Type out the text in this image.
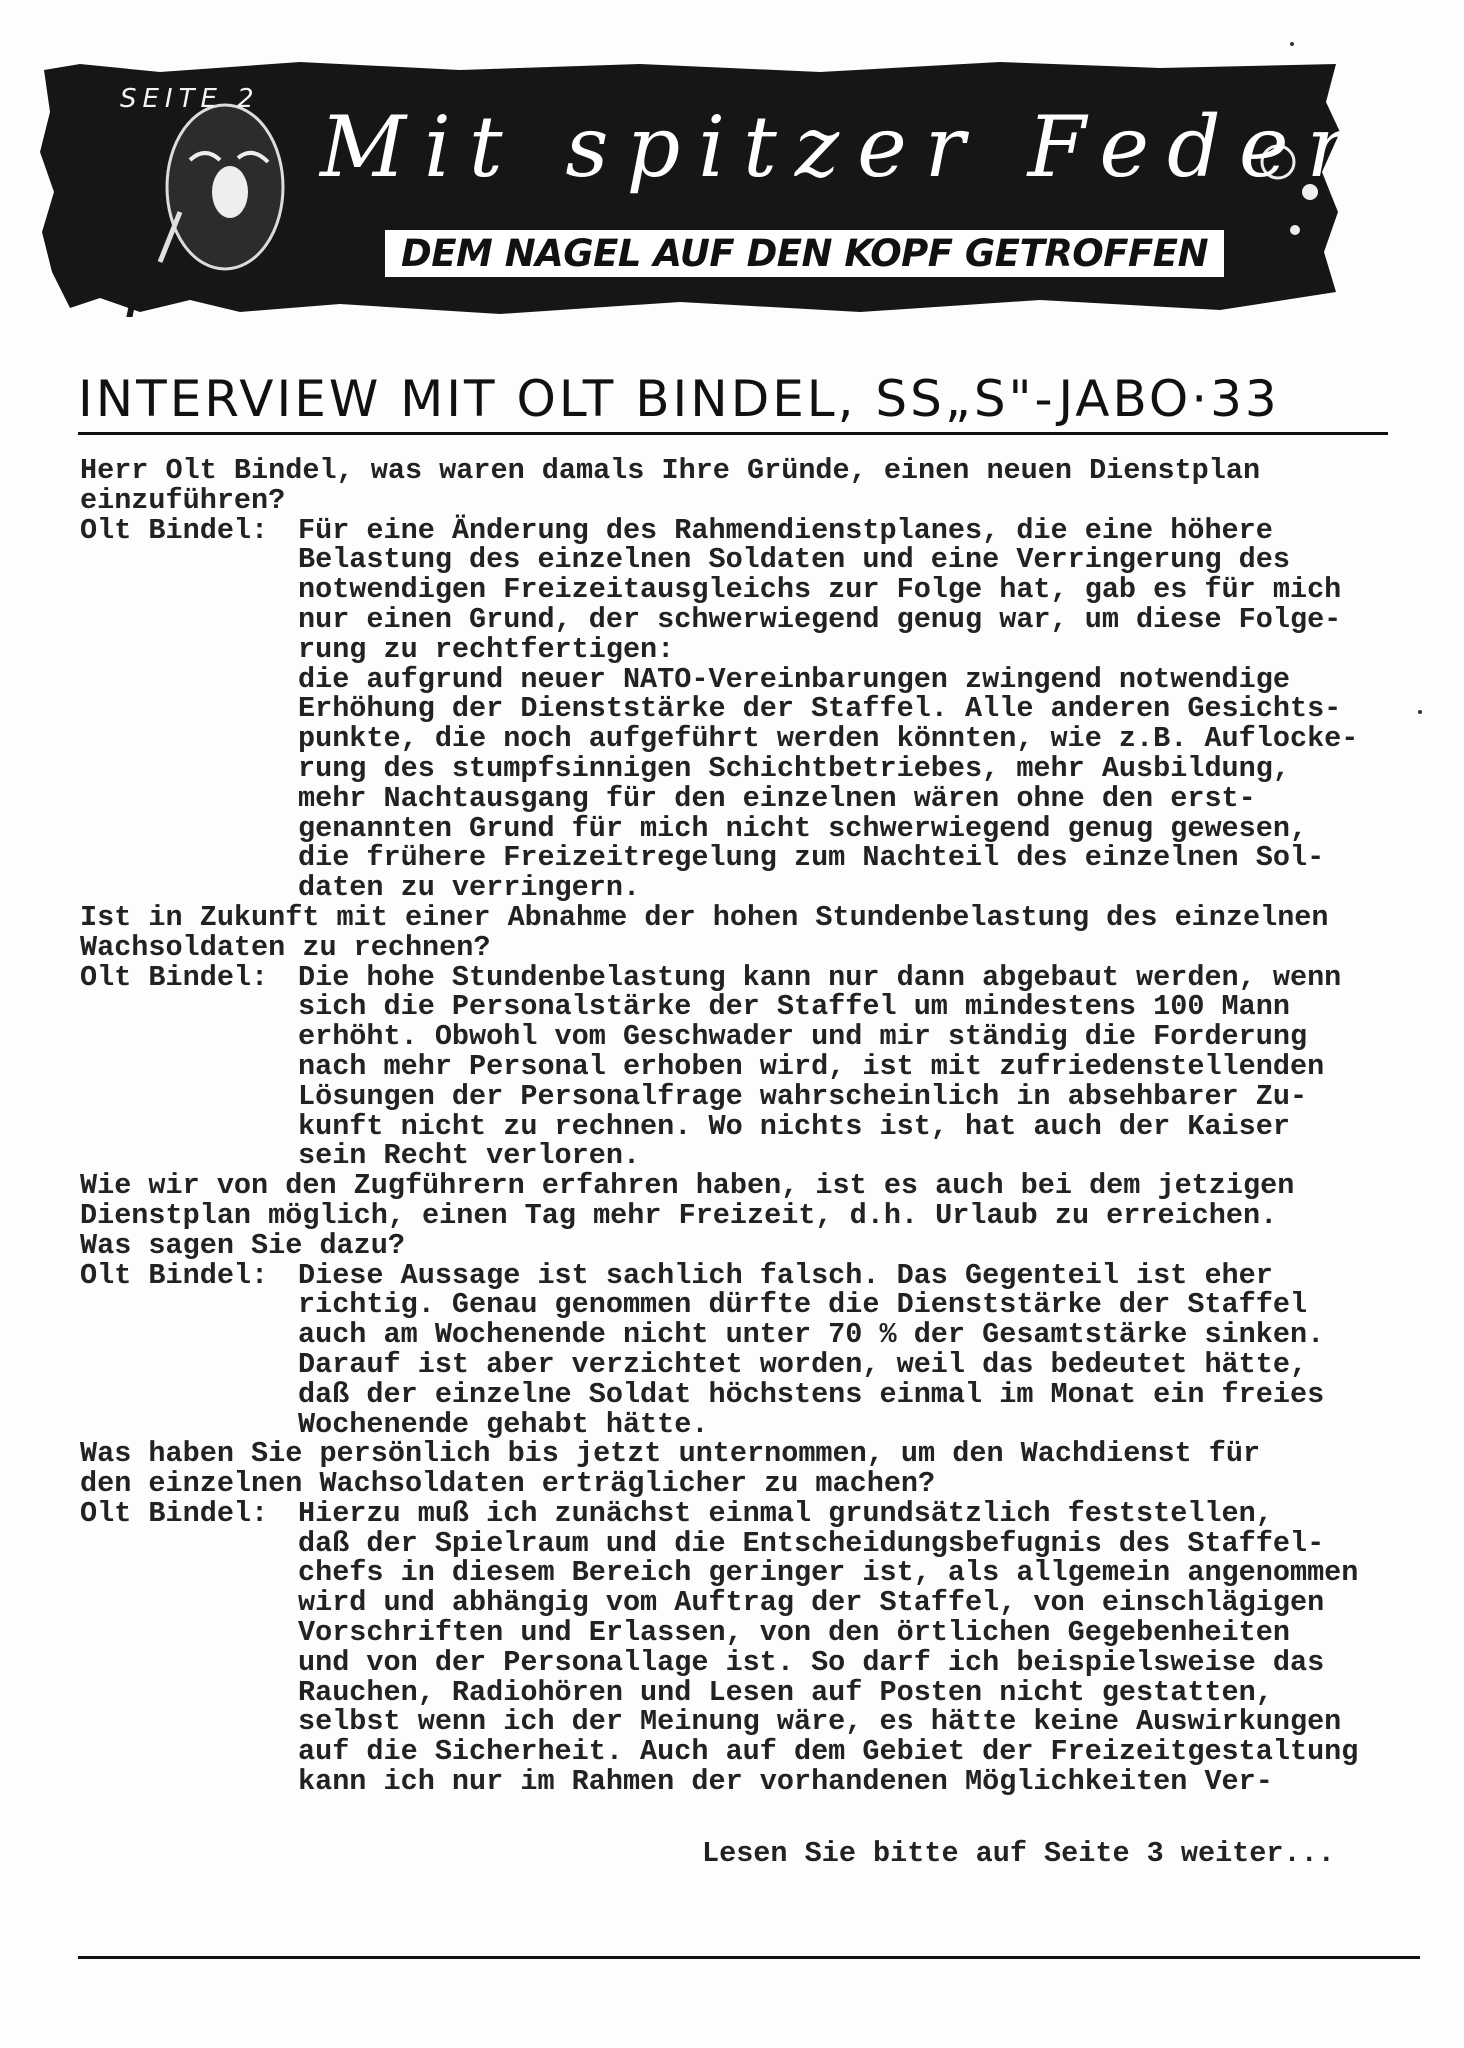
SEITE 2 Mit spitzer Feder
DEM NAGEL AUF DEN KOPF GETROFFEN
INTERVIEW MIT OLT BINDEL, SS„S"-JABO·33

Herr Olt Bindel, was waren damals Ihre Gründe, einen neuen Dienstplan

einzuführen?

Olt Bindel:	Für eine Änderung des Rahmendienstplanes, die eine höhere

Belastung des einzelnen Soldaten und eine Verringerung des

notwendigen Freizeitausgleichs zur Folge hat, gab es für mich

nur einen Grund, der schwerwiegend genug war, um diese Folge-

rung zu rechtfertigen:

die aufgrund neuer NATO-Vereinbarungen zwingend notwendige

Erhöhung der Dienststärke der Staffel. Alle anderen Gesichts-

punkte, die noch aufgeführt werden könnten, wie z.B. Auflocke-

rung des stumpfsinnigen Schichtbetriebes, mehr Ausbildung,

mehr Nachtausgang für den einzelnen wären ohne den erst-

genannten Grund für mich nicht schwerwiegend genug gewesen,

die frühere Freizeitregelung zum Nachteil des einzelnen Sol-

daten zu verringern.

Ist in Zukunft mit einer Abnahme der hohen Stundenbelastung des einzelnen

Wachsoldaten zu rechnen?

Olt Bindel:	Die hohe Stundenbelastung kann nur dann abgebaut werden, wenn

sich die Personalstärke der Staffel um mindestens 100 Mann

erhöht. Obwohl vom Geschwader und mir ständig die Forderung

nach mehr Personal erhoben wird, ist mit zufriedenstellenden

Lösungen der Personalfrage wahrscheinlich in absehbarer Zu-

kunft nicht zu rechnen. Wo nichts ist, hat auch der Kaiser

sein Recht verloren.

Wie wir von den Zugführern erfahren haben, ist es auch bei dem jetzigen

Dienstplan möglich, einen Tag mehr Freizeit, d.h. Urlaub zu erreichen.

Was sagen Sie dazu?

Olt Bindel:	Diese Aussage ist sachlich falsch. Das Gegenteil ist eher

richtig. Genau genommen dürfte die Dienststärke der Staffel

auch am Wochenende nicht unter 70 % der Gesamtstärke sinken.

Darauf ist aber verzichtet worden, weil das bedeutet hätte,

daß der einzelne Soldat höchstens einmal im Monat ein freies

Wochenende gehabt hätte.

Was haben Sie persönlich bis jetzt unternommen, um den Wachdienst für

den einzelnen Wachsoldaten erträglicher zu machen?

Olt Bindel:	Hierzu muß ich zunächst einmal grundsätzlich feststellen,

daß der Spielraum und die Entscheidungsbefugnis des Staffel-

chefs in diesem Bereich geringer ist, als allgemein angenommen

wird und abhängig vom Auftrag der Staffel, von einschlägigen

Vorschriften und Erlassen, von den örtlichen Gegebenheiten

und von der Personallage ist. So darf ich beispielsweise das

Rauchen, Radiohören und Lesen auf Posten nicht gestatten,

selbst wenn ich der Meinung wäre, es hätte keine Auswirkungen

auf die Sicherheit. Auch auf dem Gebiet der Freizeitgestaltung

kann ich nur im Rahmen der vorhandenen Möglichkeiten Ver-

Lesen Sie bitte auf Seite 3 weiter...
